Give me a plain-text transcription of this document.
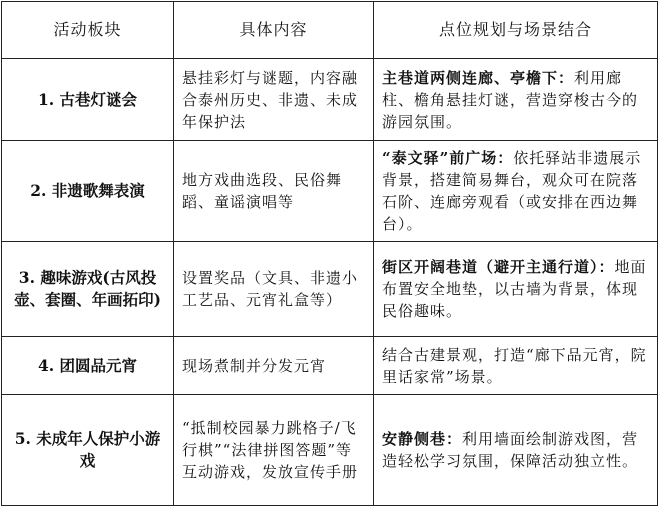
活动板块	具体内容	点位规划与场景结合
1. 古巷灯谜会	悬挂彩灯与谜题，内容融合泰州历史、非遗、未成年保护法	主巷道两侧连廊、亭檐下：利用廊柱、檐角悬挂灯谜，营造穿梭古今的游园氛围。
2. 非遗歌舞表演	地方戏曲选段、民俗舞蹈、童谣演唱等	“泰文驿”前广场：依托驿站非遗展示背景，搭建简易舞台，观众可在院落石阶、连廊旁观看（或安排在西边舞台）。
3. 趣味游戏(古风投壶、套圈、年画拓印)	设置奖品（文具、非遗小工艺品、元宵礼盒等）	街区开阔巷道（避开主通行道）：地面布置安全地垫，以古墙为背景，体现民俗趣味。
4. 团圆品元宵	现场煮制并分发元宵	结合古建景观，打造“廊下品元宵，院里话家常”场景。
5. 未成年人保护小游戏	“抵制校园暴力跳格子/飞行棋”“法律拼图答题”等互动游戏，发放宣传手册	安静侧巷：利用墙面绘制游戏图，营造轻松学习氛围，保障活动独立性。
